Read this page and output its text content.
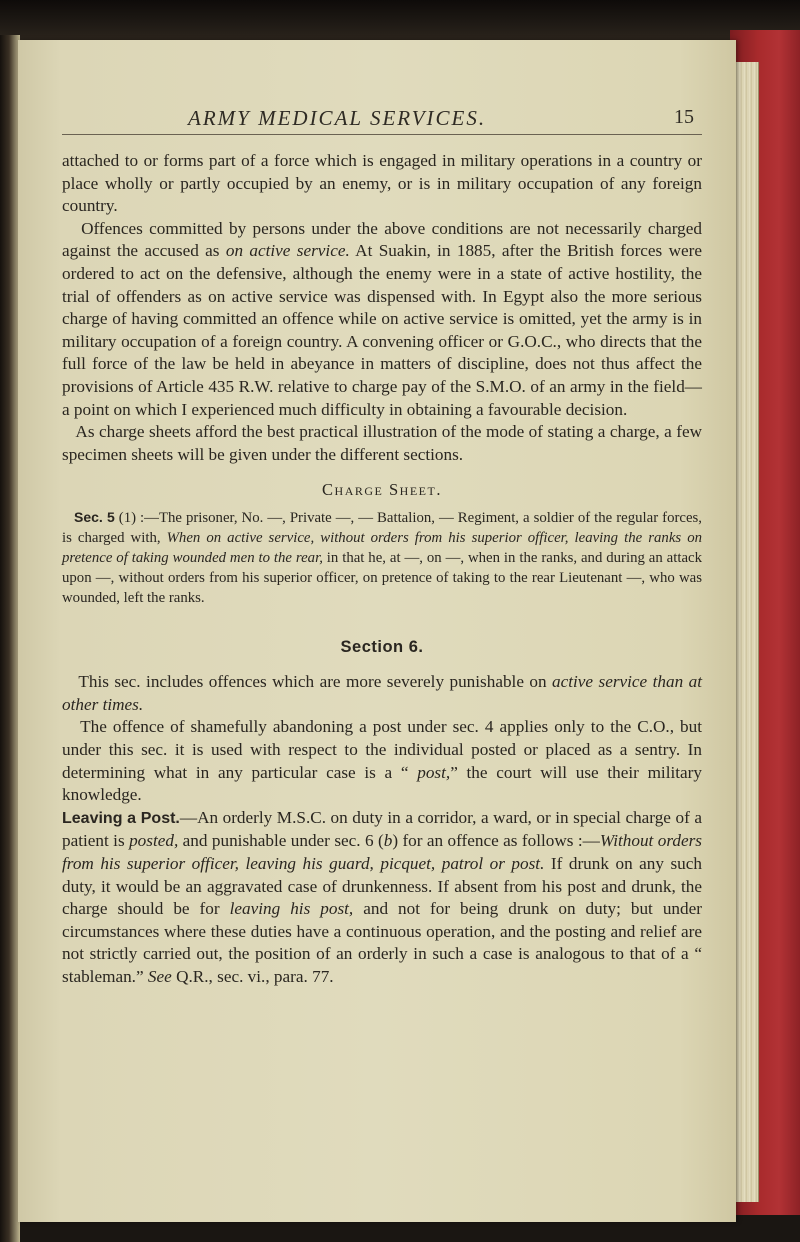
ARMY MEDICAL SERVICES.	15

attached to or forms part of a force which is engaged in military operations in a country or place wholly or partly occupied by an enemy, or is in military occupation of any foreign country.

Offences committed by persons under the above conditions are not necessarily charged against the accused as on active service. At Suakin, in 1885, after the British forces were ordered to act on the defensive, although the enemy were in a state of active hostility, the trial of offenders as on active service was dispensed with. In Egypt also the more serious charge of having committed an offence while on active service is omitted, yet the army is in military occupation of a foreign country. A convening officer or G.O.C., who directs that the full force of the law be held in abeyance in matters of discipline, does not thus affect the provisions of Article 435 R.W. relative to charge pay of the S.M.O. of an army in the field—a point on which I experienced much difficulty in obtaining a favourable decision.

As charge sheets afford the best practical illustration of the mode of stating a charge, a few specimen sheets will be given under the different sections.

Charge Sheet.

Sec. 5 (1) :—The prisoner, No. —, Private —, — Battalion, — Regiment, a soldier of the regular forces, is charged with, When on active service, without orders from his superior officer, leaving the ranks on pretence of taking wounded men to the rear, in that he, at —, on —, when in the ranks, and during an attack upon —, without orders from his superior officer, on pretence of taking to the rear Lieutenant —, who was wounded, left the ranks.

Section 6.

This sec. includes offences which are more severely punishable on active service than at other times.

The offence of shamefully abandoning a post under sec. 4 applies only to the C.O., but under this sec. it is used with respect to the individual posted or placed as a sentry. In determining what in any particular case is a “ post,” the court will use their military knowledge.

Leaving a Post.—An orderly M.S.C. on duty in a corridor, a ward, or in special charge of a patient is posted, and punishable under sec. 6 (b) for an offence as follows :—Without orders from his superior officer, leaving his guard, picquet, patrol or post. If drunk on any such duty, it would be an aggravated case of drunkenness. If absent from his post and drunk, the charge should be for leaving his post, and not for being drunk on duty; but under circumstances where these duties have a continuous operation, and the posting and relief are not strictly carried out, the position of an orderly in such a case is analogous to that of a “ stableman.” See Q.R., sec. vi., para. 77.
